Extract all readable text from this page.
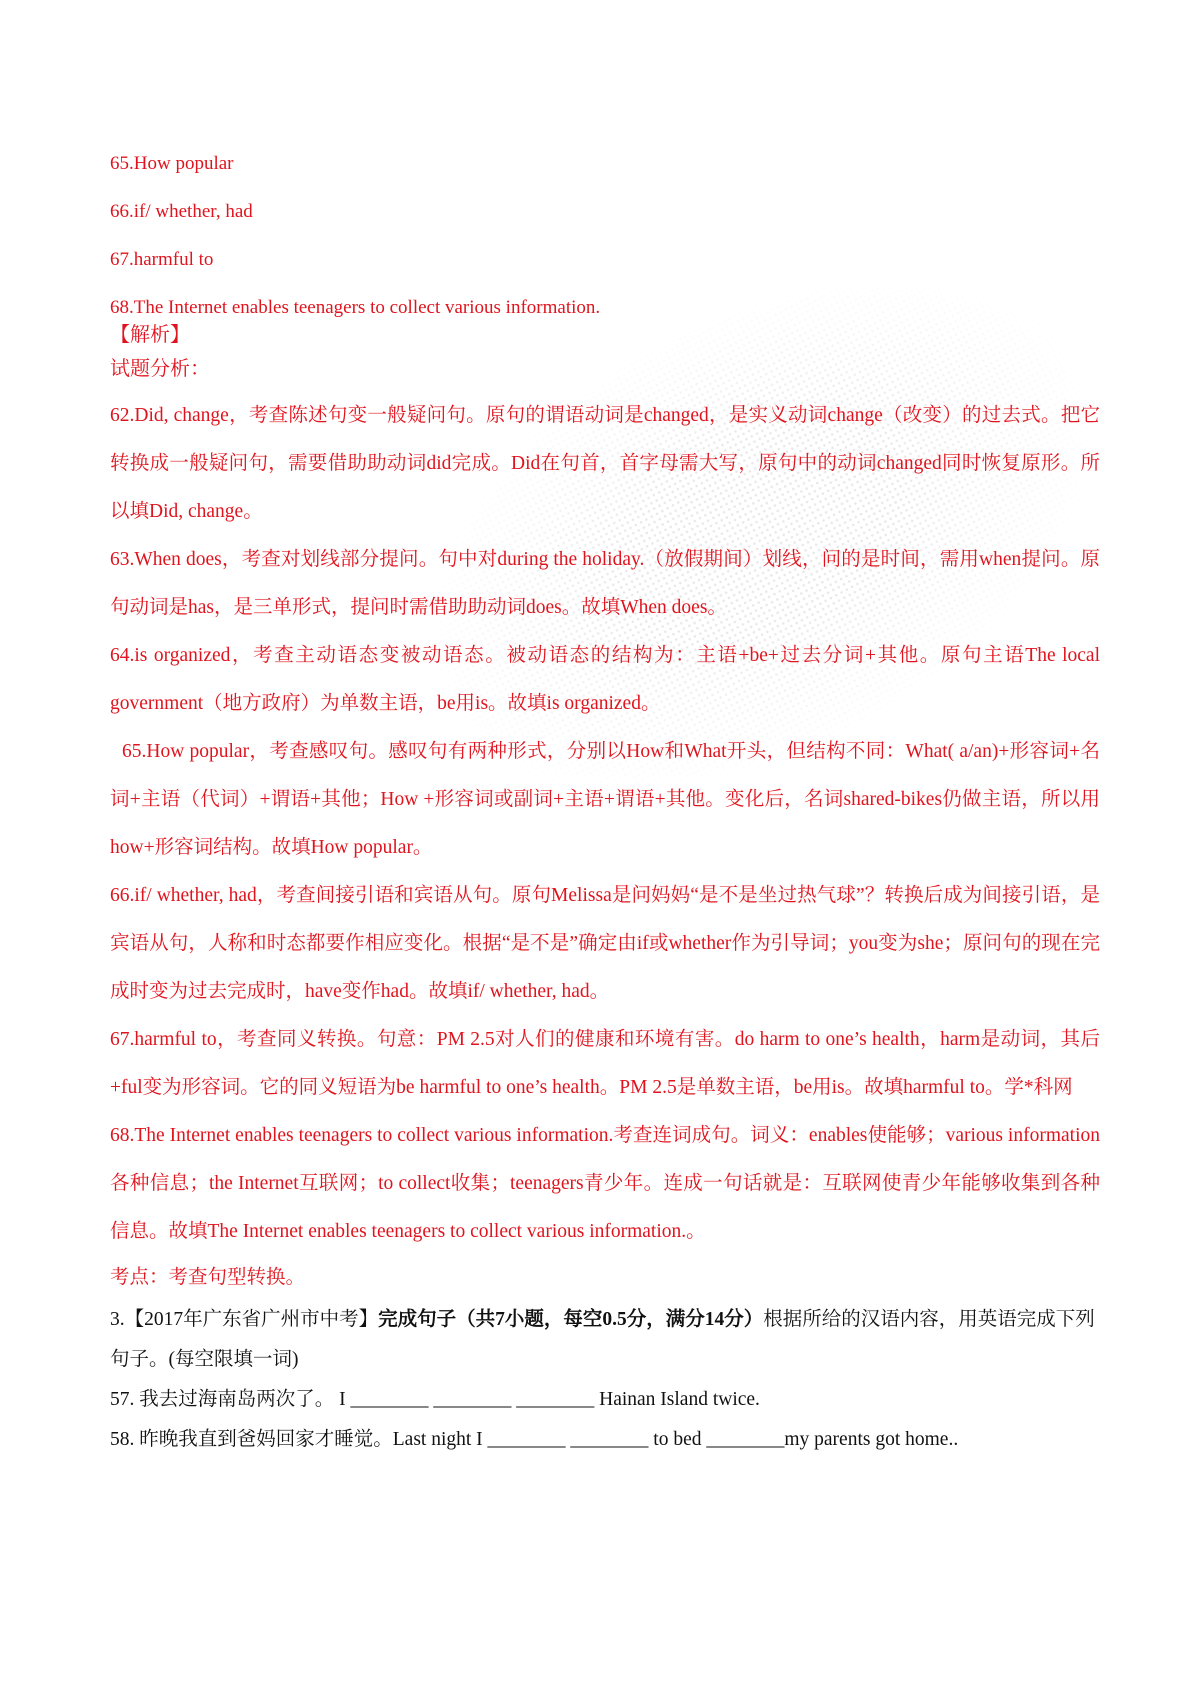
65.How popular

66.if/ whether, had

67.harmful to

68.The Internet enables teenagers to collect various information.

【解析】

试题分析：

62.Did, change，考查陈述句变一般疑问句。原句的谓语动词是changed，是实义动词change（改变）的过去式。把它转换成一般疑问句，需要借助助动词did完成。Did在句首，首字母需大写，原句中的动词changed同时恢复原形。所以填Did, change。

63.When does，考查对划线部分提问。句中对during the holiday.（放假期间）划线，问的是时间，需用when提问。原句动词是has，是三单形式，提问时需借助助动词does。故填When does。

64.is organized，考查主动语态变被动语态。被动语态的结构为：主语+be+过去分词+其他。原句主语The local government（地方政府）为单数主语，be用is。故填is organized。

65.How popular，考查感叹句。感叹句有两种形式，分别以How和What开头，但结构不同：What( a/an)+形容词+名词+主语（代词）+谓语+其他；How +形容词或副词+主语+谓语+其他。变化后，名词shared-bikes仍做主语，所以用how+形容词结构。故填How popular。

66.if/ whether, had，考查间接引语和宾语从句。原句Melissa是问妈妈“是不是坐过热气球”？转换后成为间接引语，是宾语从句，人称和时态都要作相应变化。根据“是不是”确定由if或whether作为引导词；you变为she；原问句的现在完成时变为过去完成时，have变作had。故填if/ whether, had。

67.harmful to，考查同义转换。句意：PM 2.5对人们的健康和环境有害。do harm to one’s health，harm是动词，其后+ful变为形容词。它的同义短语为be harmful to one’s health。PM 2.5是单数主语，be用is。故填harmful to。学*科网

68.The Internet enables teenagers to collect various information.考查连词成句。词义：enables使能够；various information各种信息；the Internet互联网；to collect收集；teenagers青少年。连成一句话就是：互联网使青少年能够收集到各种信息。故填The Internet enables teenagers to collect various information.。

考点：考查句型转换。

3.【2017年广东省广州市中考】完成句子（共7小题，每空0.5分，满分14分）根据所给的汉语内容，用英语完成下列句子。(每空限填一词)

57. 我去过海南岛两次了。 I ________ ________ ________ Hainan Island twice.

58. 昨晚我直到爸妈回家才睡觉。Last night I ________ ________ to bed ________my parents got home..
